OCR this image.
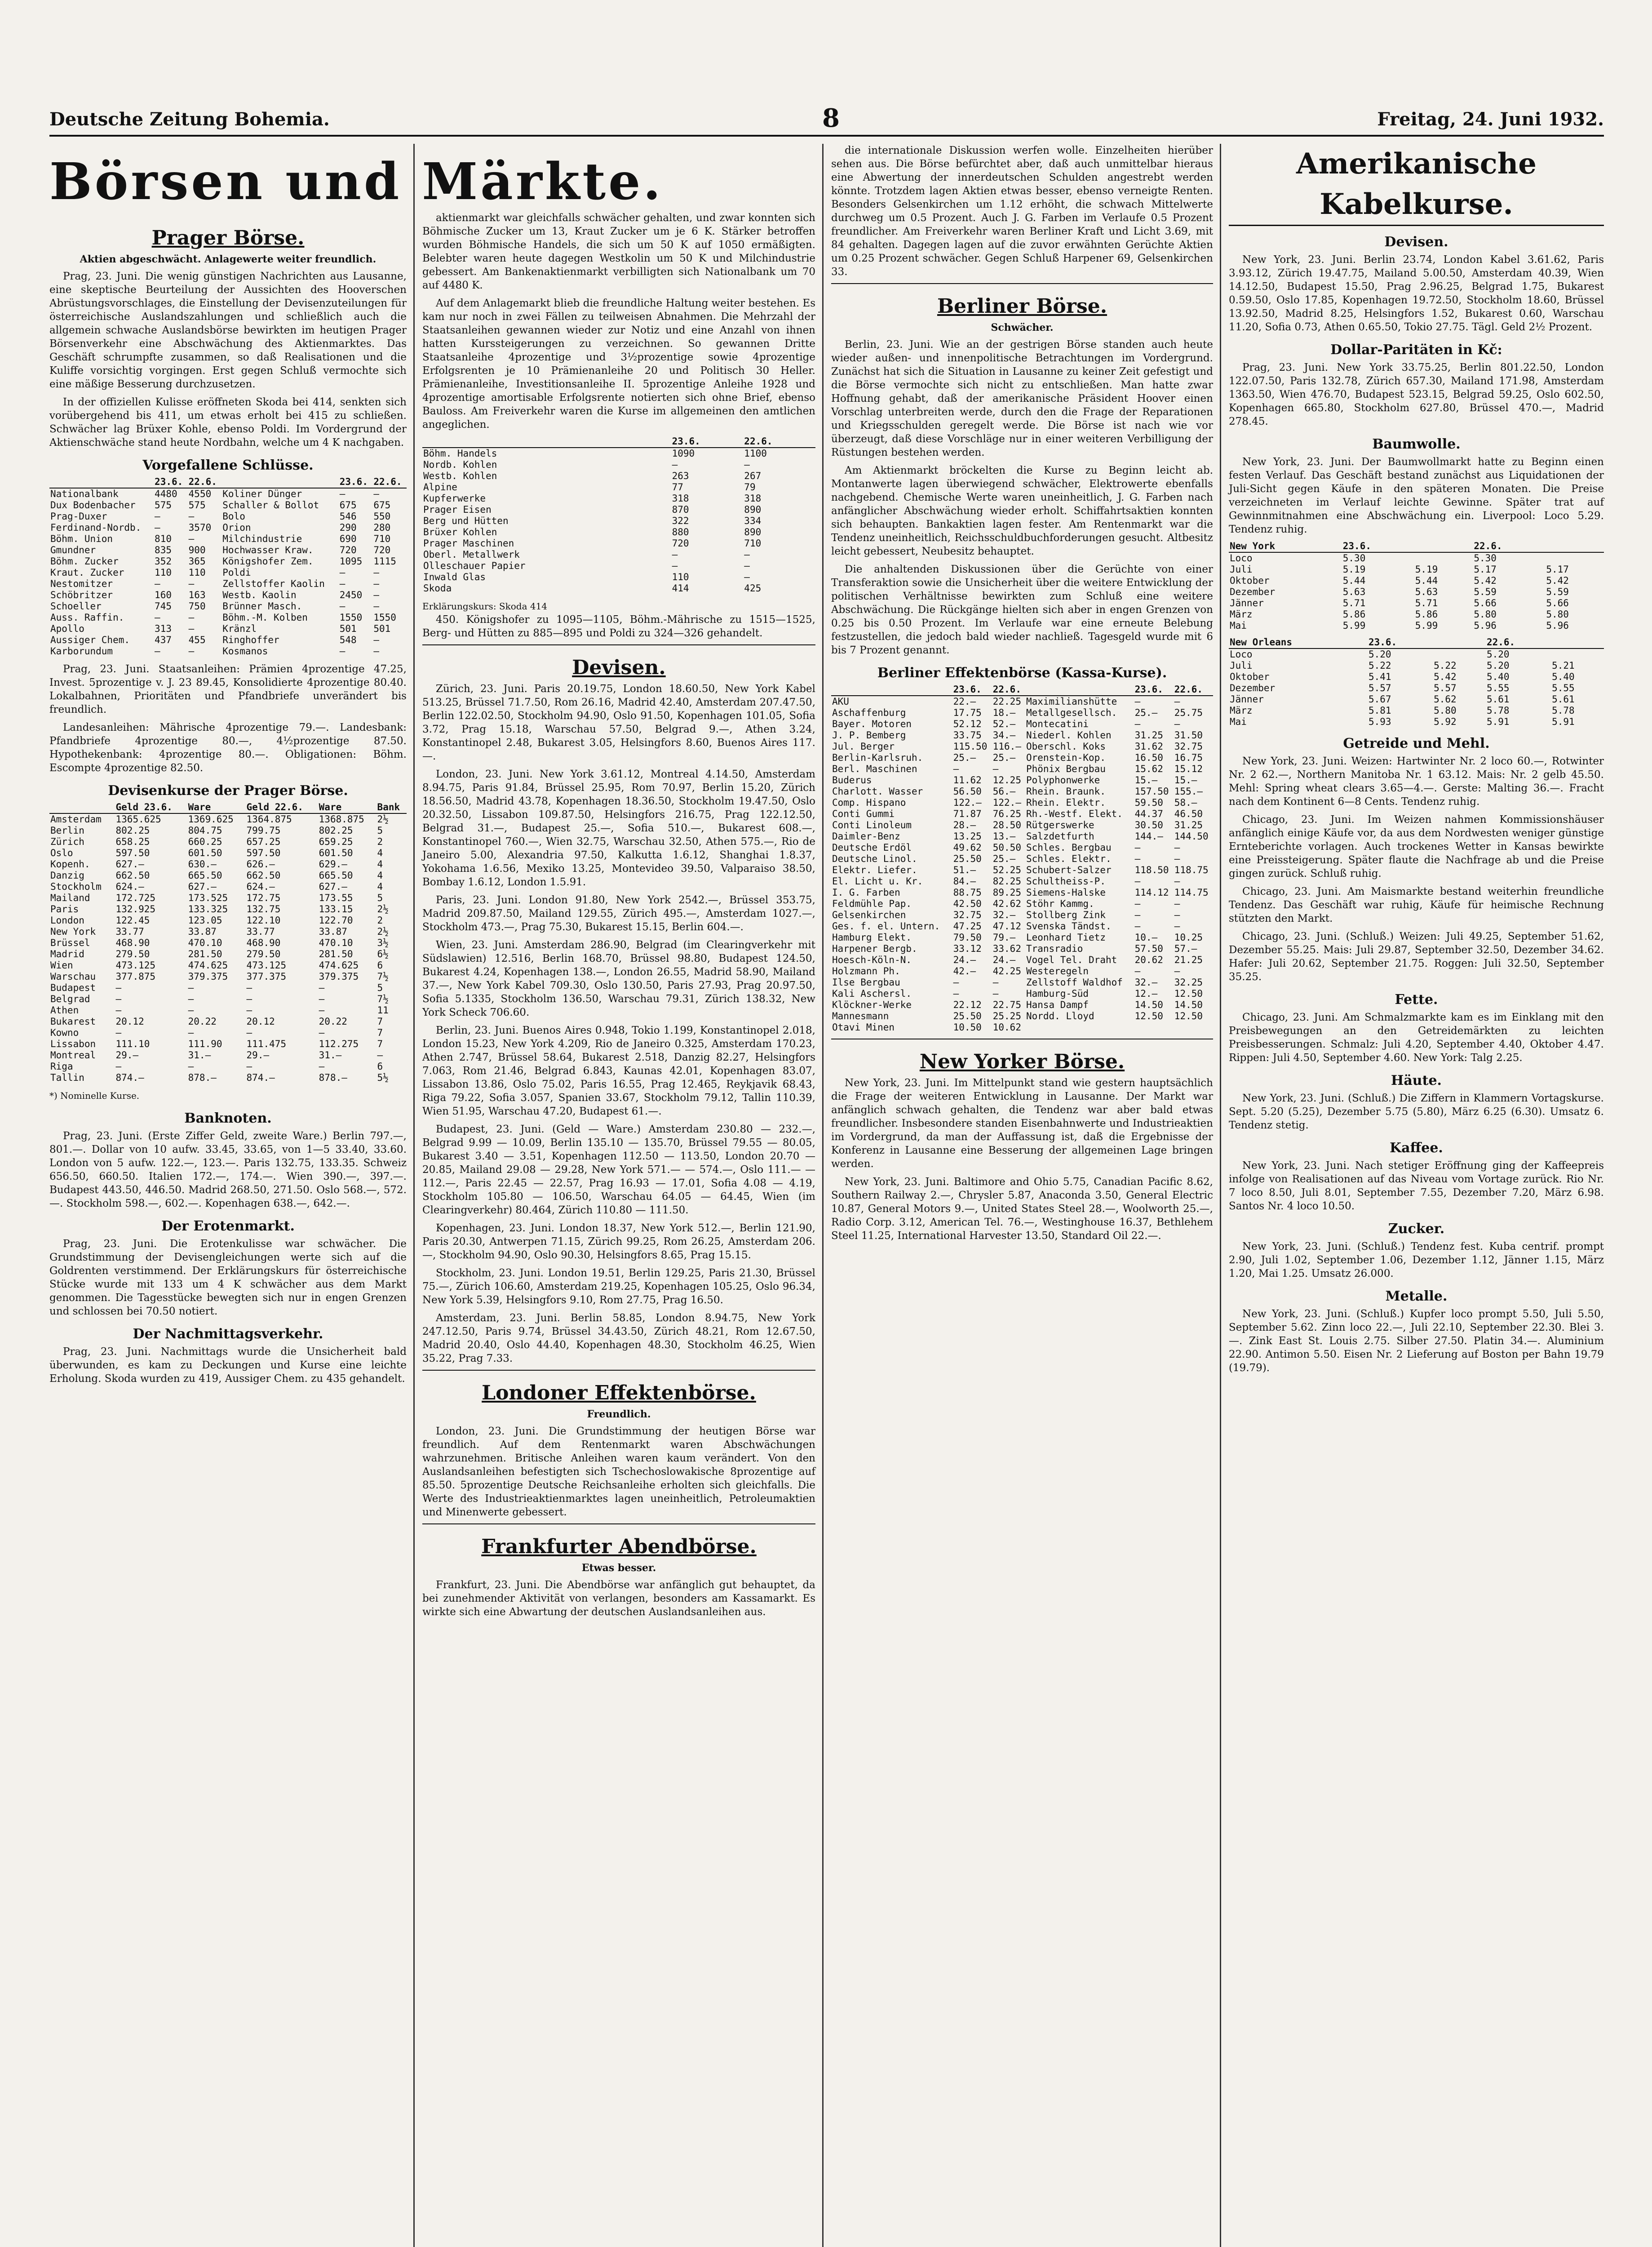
Deutsche Zeitung Bohemia.	8	Freitag, 24. Juni 1932.
Börsen und Märkte.
Prager Börse.
Aktien abgeschwächt. Anlagewerte weiter freundlich.

Prag, 23. Juni. Die wenig günstigen Nachrichten aus Lausanne, eine skeptische Beurteilung der Aussichten des Hooverschen Abrüstungsvorschlages, die Einstellung der Devisenzuteilungen für österreichische Auslandszahlungen und schließlich auch die allgemein schwache Auslandsbörse bewirkten im heutigen Prager Börsenverkehr eine Abschwächung des Aktienmarktes. Das Geschäft schrumpfte zusammen, so daß Realisationen und die Kuliffe vorsichtig vorgingen. Erst gegen Schluß vermochte sich eine mäßige Besserung durchzusetzen.

In der offiziellen Kulisse eröffneten Skoda bei 414, senkten sich vorübergehend bis 411, um etwas erholt bei 415 zu schließen. Schwächer lag Brüxer Kohle, ebenso Poldi. Im Vordergrund der Aktienschwäche stand heute Nordbahn, welche um 4 K nachgaben.

Vorgefallene Schlüsse.
	23.6.	22.6.		23.6.	22.6.
Nationalbank	4480	4550	Koliner Dünger	—	—
Dux Bodenbacher	575	575	Schaller & Bollot	675	675
Prag-Duxer	—	—	Bolo	546	550
Ferdinand-Nordb.	—	3570	Orion	290	280
Böhm. Union	810	—	Milchindustrie	690	710
Gmundner	835	900	Hochwasser Kraw.	720	720
Böhm. Zucker	352	365	Königshofer Zem.	1095	1115
Kraut. Zucker	110	110	Poldi	—	—
Nestomitzer	—	—	Zellstoffer Kaolin	—	—
Schöbritzer	160	163	Westb. Kaolin	2450	—
Schoeller	745	750	Brünner Masch.	—	—
Auss. Raffin.	—	—	Böhm.-M. Kolben	1550	1550
Apollo	313	—	Kränzl	501	501
Aussiger Chem.	437	455	Ringhoffer	548	—
Karborundum	—	—	Kosmanos	—	—

Prag, 23. Juni. Staatsanleihen: Prämien 4prozentige 47.25, Invest. 5prozentige v. J. 23 89.45, Konsolidierte 4prozentige 80.40. Lokalbahnen, Prioritäten und Pfandbriefe unverändert bis freundlich.

Landesanleihen: Mährische 4prozentige 79.—. Landesbank: Pfandbriefe 4prozentige 80.—, 4½prozentige 87.50. Hypothekenbank: 4prozentige 80.—. Obligationen: Böhm. Escompte 4prozentige 82.50.

Devisenkurse der Prager Börse.
	Geld 23.6.	Ware	Geld 22.6.	Ware	Bank
Amsterdam	1365.625	1369.625	1364.875	1368.875	2½
Berlin	802.25	804.75	799.75	802.25	5
Zürich	658.25	660.25	657.25	659.25	2
Oslo	597.50	601.50	597.50	601.50	4
Kopenh.	627.—	630.—	626.—	629.—	4
Danzig	662.50	665.50	662.50	665.50	4
Stockholm	624.—	627.—	624.—	627.—	4
Mailand	172.725	173.525	172.75	173.55	5
Paris	132.925	133.325	132.75	133.15	2½
London	122.45	123.05	122.10	122.70	2
New York	33.77	33.87	33.77	33.87	2½
Brüssel	468.90	470.10	468.90	470.10	3½
Madrid	279.50	281.50	279.50	281.50	6½
Wien	473.125	474.625	473.125	474.625	6
Warschau	377.875	379.375	377.375	379.375	7½
Budapest	—	—	—	—	5
Belgrad	—	—	—	—	7½
Athen	—	—	—	—	11
Bukarest	20.12	20.22	20.12	20.22	7
Kowno	—	—	—	—	7
Lissabon	111.10	111.90	111.475	112.275	7
Montreal	29.—	31.—	29.—	31.—	—
Riga	—	—	—	—	6
Tallin	874.—	878.—	874.—	878.—	5½
*) Nominelle Kurse.
Banknoten.

Prag, 23. Juni. (Erste Ziffer Geld, zweite Ware.) Berlin 797.—, 801.—. Dollar von 10 aufw. 33.45, 33.65, von 1—5 33.40, 33.60. London von 5 aufw. 122.—, 123.—. Paris 132.75, 133.35. Schweiz 656.50, 660.50. Italien 172.—, 174.—. Wien 390.—, 397.—. Budapest 443.50, 446.50. Madrid 268.50, 271.50. Oslo 568.—, 572.—. Stockholm 598.—, 602.—. Kopenhagen 638.—, 642.—.

Der Erotenmarkt.

Prag, 23. Juni. Die Erotenkulisse war schwächer. Die Grundstimmung der Devisengleichungen werte sich auf die Goldrenten verstimmend. Der Erklärungskurs für österreichische Stücke wurde mit 133 um 4 K schwächer aus dem Markt genommen. Die Tagesstücke bewegten sich nur in engen Grenzen und schlossen bei 70.50 notiert.

Der Nachmittagsverkehr.

Prag, 23. Juni. Nachmittags wurde die Unsicherheit bald überwunden, es kam zu Deckungen und Kurse eine leichte Erholung. Skoda wurden zu 419, Aussiger Chem. zu 435 gehandelt.

aktienmarkt war gleichfalls schwächer gehalten, und zwar konnten sich Böhmische Zucker um 13, Kraut Zucker um je 6 K. Stärker betroffen wurden Böhmische Handels, die sich um 50 K auf 1050 ermäßigten. Belebter waren heute dagegen Westkolin um 50 K und Milchindustrie gebessert. Am Bankenaktienmarkt verbilligten sich Nationalbank um 70 auf 4480 K.

Auf dem Anlagemarkt blieb die freundliche Haltung weiter bestehen. Es kam nur noch in zwei Fällen zu teilweisen Abnahmen. Die Mehrzahl der Staatsanleihen gewannen wieder zur Notiz und eine Anzahl von ihnen hatten Kurssteigerungen zu verzeichnen. So gewannen Dritte Staatsanleihe 4prozentige und 3½prozentige sowie 4prozentige Erfolgsrenten je 10 Prämienanleihe 20 und Politisch 30 Heller. Prämienanleihe, Investitionsanleihe II. 5prozentige Anleihe 1928 und 4prozentige amortisable Erfolgsrente notierten sich ohne Brief, ebenso Bauloss. Am Freiverkehr waren die Kurse im allgemeinen den amtlichen angeglichen.

	23.6.	22.6.
Böhm. Handels	1090	1100
Nordb. Kohlen	—	—
Westb. Kohlen	263	267
Alpine	77	79
Kupferwerke	318	318
Prager Eisen	870	890
Berg und Hütten	322	334
Brüxer Kohlen	880	890
Prager Maschinen	720	710
Oberl. Metallwerk	—	—
Olleschauer Papier	—	—
Inwald Glas	110	—
Skoda	414	425
Erklärungskurs: Skoda 414

450. Königshofer zu 1095—1105, Böhm.-Mährische zu 1515—1525, Berg- und Hütten zu 885—895 und Poldi zu 324—326 gehandelt.

Devisen.

Zürich, 23. Juni. Paris 20.19.75, London 18.60.50, New York Kabel 513.25, Brüssel 71.7.50, Rom 26.16, Madrid 42.40, Amsterdam 207.47.50, Berlin 122.02.50, Stockholm 94.90, Oslo 91.50, Kopenhagen 101.05, Sofia 3.72, Prag 15.18, Warschau 57.50, Belgrad 9.—, Athen 3.24, Konstantinopel 2.48, Bukarest 3.05, Helsingfors 8.60, Buenos Aires 117.—.

London, 23. Juni. New York 3.61.12, Montreal 4.14.50, Amsterdam 8.94.75, Paris 91.84, Brüssel 25.95, Rom 70.97, Berlin 15.20, Zürich 18.56.50, Madrid 43.78, Kopenhagen 18.36.50, Stockholm 19.47.50, Oslo 20.32.50, Lissabon 109.87.50, Helsingfors 216.75, Prag 122.12.50, Belgrad 31.—, Budapest 25.—, Sofia 510.—, Bukarest 608.—, Konstantinopel 760.—, Wien 32.75, Warschau 32.50, Athen 575.—, Rio de Janeiro 5.00, Alexandria 97.50, Kalkutta 1.6.12, Shanghai 1.8.37, Yokohama 1.6.56, Mexiko 13.25, Montevideo 39.50, Valparaiso 38.50, Bombay 1.6.12, London 1.5.91.

Paris, 23. Juni. London 91.80, New York 2542.—, Brüssel 353.75, Madrid 209.87.50, Mailand 129.55, Zürich 495.—, Amsterdam 1027.—, Stockholm 473.—, Prag 75.30, Bukarest 15.15, Berlin 604.—.

Wien, 23. Juni. Amsterdam 286.90, Belgrad (im Clearingverkehr mit Südslawien) 12.516, Berlin 168.70, Brüssel 98.80, Budapest 124.50, Bukarest 4.24, Kopenhagen 138.—, London 26.55, Madrid 58.90, Mailand 37.—, New York Kabel 709.30, Oslo 130.50, Paris 27.93, Prag 20.97.50, Sofia 5.1335, Stockholm 136.50, Warschau 79.31, Zürich 138.32, New York Scheck 706.60.

Berlin, 23. Juni. Buenos Aires 0.948, Tokio 1.199, Konstantinopel 2.018, London 15.23, New York 4.209, Rio de Janeiro 0.325, Amsterdam 170.23, Athen 2.747, Brüssel 58.64, Bukarest 2.518, Danzig 82.27, Helsingfors 7.063, Rom 21.46, Belgrad 6.843, Kaunas 42.01, Kopenhagen 83.07, Lissabon 13.86, Oslo 75.02, Paris 16.55, Prag 12.465, Reykjavik 68.43, Riga 79.22, Sofia 3.057, Spanien 33.67, Stockholm 79.12, Tallin 110.39, Wien 51.95, Warschau 47.20, Budapest 61.—.

Budapest, 23. Juni. (Geld — Ware.) Amsterdam 230.80 — 232.—, Belgrad 9.99 — 10.09, Berlin 135.10 — 135.70, Brüssel 79.55 — 80.05, Bukarest 3.40 — 3.51, Kopenhagen 112.50 — 113.50, London 20.70 — 20.85, Mailand 29.08 — 29.28, New York 571.— — 574.—, Oslo 111.— — 112.—, Paris 22.45 — 22.57, Prag 16.93 — 17.01, Sofia 4.08 — 4.19, Stockholm 105.80 — 106.50, Warschau 64.05 — 64.45, Wien (im Clearingverkehr) 80.464, Zürich 110.80 — 111.50.

Kopenhagen, 23. Juni. London 18.37, New York 512.—, Berlin 121.90, Paris 20.30, Antwerpen 71.15, Zürich 99.25, Rom 26.25, Amsterdam 206.—, Stockholm 94.90, Oslo 90.30, Helsingfors 8.65, Prag 15.15.

Stockholm, 23. Juni. London 19.51, Berlin 129.25, Paris 21.30, Brüssel 75.—, Zürich 106.60, Amsterdam 219.25, Kopenhagen 105.25, Oslo 96.34, New York 5.39, Helsingfors 9.10, Rom 27.75, Prag 16.50.

Amsterdam, 23. Juni. Berlin 58.85, London 8.94.75, New York 247.12.50, Paris 9.74, Brüssel 34.43.50, Zürich 48.21, Rom 12.67.50, Madrid 20.40, Oslo 44.40, Kopenhagen 48.30, Stockholm 46.25, Wien 35.22, Prag 7.33.

Londoner Effektenbörse.
Freundlich.

London, 23. Juni. Die Grundstimmung der heutigen Börse war freundlich. Auf dem Rentenmarkt waren Abschwächungen wahrzunehmen. Britische Anleihen waren kaum verändert. Von den Auslandsanleihen befestigten sich Tschechoslowakische 8prozentige auf 85.50. 5prozentige Deutsche Reichsanleihe erholten sich gleichfalls. Die Werte des Industrieaktienmarktes lagen uneinheitlich, Petroleumaktien und Minenwerte gebessert.

Frankfurter Abendbörse.
Etwas besser.

Frankfurt, 23. Juni. Die Abendbörse war anfänglich gut behauptet, da bei zunehmender Aktivität von verlangen, besonders am Kassamarkt. Es wirkte sich eine Abwartung der deutschen Auslandsanleihen aus.

die internationale Diskussion werfen wolle. Einzelheiten hierüber sehen aus. Die Börse befürchtet aber, daß auch unmittelbar hieraus eine Abwertung der innerdeutschen Schulden angestrebt werden könnte. Trotzdem lagen Aktien etwas besser, ebenso verneigte Renten. Besonders Gelsenkirchen um 1.12 erhöht, die schwach Mittelwerte durchweg um 0.5 Prozent. Auch J. G. Farben im Verlaufe 0.5 Prozent freundlicher. Am Freiverkehr waren Berliner Kraft und Licht 3.69, mit 84 gehalten. Dagegen lagen auf die zuvor erwähnten Gerüchte Aktien um 0.25 Prozent schwächer. Gegen Schluß Harpener 69, Gelsenkirchen 33.

Berliner Börse.
Schwächer.

Berlin, 23. Juni. Wie an der gestrigen Börse standen auch heute wieder außen- und innenpolitische Betrachtungen im Vordergrund. Zunächst hat sich die Situation in Lausanne zu keiner Zeit gefestigt und die Börse vermochte sich nicht zu entschließen. Man hatte zwar Hoffnung gehabt, daß der amerikanische Präsident Hoover einen Vorschlag unterbreiten werde, durch den die Frage der Reparationen und Kriegsschulden geregelt werde. Die Börse ist nach wie vor überzeugt, daß diese Vorschläge nur in einer weiteren Verbilligung der Rüstungen bestehen werden.

Am Aktienmarkt bröckelten die Kurse zu Beginn leicht ab. Montanwerte lagen überwiegend schwächer, Elektrowerte ebenfalls nachgebend. Chemische Werte waren uneinheitlich, J. G. Farben nach anfänglicher Abschwächung wieder erholt. Schiffahrtsaktien konnten sich behaupten. Bankaktien lagen fester. Am Rentenmarkt war die Tendenz uneinheitlich, Reichsschuldbuchforderungen gesucht. Altbesitz leicht gebessert, Neubesitz behauptet.

Die anhaltenden Diskussionen über die Gerüchte von einer Transferaktion sowie die Unsicherheit über die weitere Entwicklung der politischen Verhältnisse bewirkten zum Schluß eine weitere Abschwächung. Die Rückgänge hielten sich aber in engen Grenzen von 0.25 bis 0.50 Prozent. Im Verlaufe war eine erneute Belebung festzustellen, die jedoch bald wieder nachließ. Tagesgeld wurde mit 6 bis 7 Prozent genannt.

Berliner Effektenbörse (Kassa-Kurse).
	23.6.	22.6.		23.6.	22.6.
AKU	22.—	22.25	Maximilianshütte	—	—
Aschaffenburg	17.75	18.—	Metallgesellsch.	25.—	25.75
Bayer. Motoren	52.12	52.—	Montecatini	—	—
J. P. Bemberg	33.75	34.—	Niederl. Kohlen	31.25	31.50
Jul. Berger	115.50	116.—	Oberschl. Koks	31.62	32.75
Berlin-Karlsruh.	25.—	25.—	Orenstein-Kop.	16.50	16.75
Berl. Maschinen	—	—	Phönix Bergbau	15.62	15.12
Buderus	11.62	12.25	Polyphonwerke	15.—	15.—
Charlott. Wasser	56.50	56.—	Rhein. Braunk.	157.50	155.—
Comp. Hispano	122.—	122.—	Rhein. Elektr.	59.50	58.—
Conti Gummi	71.87	76.25	Rh.-Westf. Elekt.	44.37	46.50
Conti Linoleum	28.—	28.50	Rütgerswerke	30.50	31.25
Daimler-Benz	13.25	13.—	Salzdetfurth	144.—	144.50
Deutsche Erdöl	49.62	50.50	Schles. Bergbau	—	—
Deutsche Linol.	25.50	25.—	Schles. Elektr.	—	—
Elektr. Liefer.	51.—	52.25	Schubert-Salzer	118.50	118.75
El. Licht u. Kr.	84.—	82.25	Schultheiss-P.	—	—
I. G. Farben	88.75	89.25	Siemens-Halske	114.12	114.75
Feldmühle Pap.	42.50	42.62	Stöhr Kammg.	—	—
Gelsenkirchen	32.75	32.—	Stollberg Zink	—	—
Ges. f. el. Untern.	47.25	47.12	Svenska Tändst.	—	—
Hamburg Elekt.	79.50	79.—	Leonhard Tietz	10.—	10.25
Harpener Bergb.	33.12	33.62	Transradio	57.50	57.—
Hoesch-Köln-N.	24.—	24.—	Vogel Tel. Draht	20.62	21.25
Holzmann Ph.	42.—	42.25	Westeregeln	—	—
Ilse Bergbau	—	—	Zellstoff Waldhof	32.—	32.25
Kali Aschersl.	—	—	Hamburg-Süd	12.—	12.50
Klöckner-Werke	22.12	22.75	Hansa Dampf	14.50	14.50
Mannesmann	25.50	25.25	Nordd. Lloyd	12.50	12.50
Otavi Minen	10.50	10.62			
New Yorker Börse.

New York, 23. Juni. Im Mittelpunkt stand wie gestern hauptsächlich die Frage der weiteren Entwicklung in Lausanne. Der Markt war anfänglich schwach gehalten, die Tendenz war aber bald etwas freundlicher. Insbesondere standen Eisenbahnwerte und Industrieaktien im Vordergrund, da man der Auffassung ist, daß die Ergebnisse der Konferenz in Lausanne eine Besserung der allgemeinen Lage bringen werden.

New York, 23. Juni. Baltimore and Ohio 5.75, Canadian Pacific 8.62, Southern Railway 2.—, Chrysler 5.87, Anaconda 3.50, General Electric 10.87, General Motors 9.—, United States Steel 28.—, Woolworth 25.—, Radio Corp. 3.12, American Tel. 76.—, Westinghouse 16.37, Bethlehem Steel 11.25, International Harvester 13.50, Standard Oil 22.—.

Amerikanische Kabelkurse.
Devisen.

New York, 23. Juni. Berlin 23.74, London Kabel 3.61.62, Paris 3.93.12, Zürich 19.47.75, Mailand 5.00.50, Amsterdam 40.39, Wien 14.12.50, Budapest 15.50, Prag 2.96.25, Belgrad 1.75, Bukarest 0.59.50, Oslo 17.85, Kopenhagen 19.72.50, Stockholm 18.60, Brüssel 13.92.50, Madrid 8.25, Helsingfors 1.52, Bukarest 0.60, Warschau 11.20, Sofia 0.73, Athen 0.65.50, Tokio 27.75. Tägl. Geld 2½ Prozent.

Dollar-Paritäten in Kč:

Prag, 23. Juni. New York 33.75.25, Berlin 801.22.50, London 122.07.50, Paris 132.78, Zürich 657.30, Mailand 171.98, Amsterdam 1363.50, Wien 476.70, Budapest 523.15, Belgrad 59.25, Oslo 602.50, Kopenhagen 665.80, Stockholm 627.80, Brüssel 470.—, Madrid 278.45.

Baumwolle.

New York, 23. Juni. Der Baumwollmarkt hatte zu Beginn einen festen Verlauf. Das Geschäft bestand zunächst aus Liquidationen der Juli-Sicht gegen Käufe in den späteren Monaten. Die Preise verzeichneten im Verlauf leichte Gewinne. Später trat auf Gewinnmitnahmen eine Abschwächung ein. Liverpool: Loco 5.29. Tendenz ruhig.

New York	23.6.		22.6.	
Loco	5.30		5.30	
Juli	5.19	5.19	5.17	5.17
Oktober	5.44	5.44	5.42	5.42
Dezember	5.63	5.63	5.59	5.59
Jänner	5.71	5.71	5.66	5.66
März	5.86	5.86	5.80	5.80
Mai	5.99	5.99	5.96	5.96
New Orleans	23.6.		22.6.	
Loco	5.20		5.20	
Juli	5.22	5.22	5.20	5.21
Oktober	5.41	5.42	5.40	5.40
Dezember	5.57	5.57	5.55	5.55
Jänner	5.67	5.62	5.61	5.61
März	5.81	5.80	5.78	5.78
Mai	5.93	5.92	5.91	5.91
Getreide und Mehl.

New York, 23. Juni. Weizen: Hartwinter Nr. 2 loco 60.—, Rotwinter Nr. 2 62.—, Northern Manitoba Nr. 1 63.12. Mais: Nr. 2 gelb 45.50. Mehl: Spring wheat clears 3.65—4.—. Gerste: Malting 36.—. Fracht nach dem Kontinent 6—8 Cents. Tendenz ruhig.

Chicago, 23. Juni. Im Weizen nahmen Kommissionshäuser anfänglich einige Käufe vor, da aus dem Nordwesten weniger günstige Ernteberichte vorlagen. Auch trockenes Wetter in Kansas bewirkte eine Preissteigerung. Später flaute die Nachfrage ab und die Preise gingen zurück. Schluß ruhig.

Chicago, 23. Juni. Am Maismarkte bestand weiterhin freundliche Tendenz. Das Geschäft war ruhig, Käufe für heimische Rechnung stützten den Markt.

Chicago, 23. Juni. (Schluß.) Weizen: Juli 49.25, September 51.62, Dezember 55.25. Mais: Juli 29.87, September 32.50, Dezember 34.62. Hafer: Juli 20.62, September 21.75. Roggen: Juli 32.50, September 35.25.

Fette.

Chicago, 23. Juni. Am Schmalzmarkte kam es im Einklang mit den Preisbewegungen an den Getreidemärkten zu leichten Preisbesserungen. Schmalz: Juli 4.20, September 4.40, Oktober 4.47. Rippen: Juli 4.50, September 4.60. New York: Talg 2.25.

Häute.

New York, 23. Juni. (Schluß.) Die Ziffern in Klammern Vortagskurse. Sept. 5.20 (5.25), Dezember 5.75 (5.80), März 6.25 (6.30). Umsatz 6. Tendenz stetig.

Kaffee.

New York, 23. Juni. Nach stetiger Eröffnung ging der Kaffeepreis infolge von Realisationen auf das Niveau vom Vortage zurück. Rio Nr. 7 loco 8.50, Juli 8.01, September 7.55, Dezember 7.20, März 6.98. Santos Nr. 4 loco 10.50.

Zucker.

New York, 23. Juni. (Schluß.) Tendenz fest. Kuba centrif. prompt 2.90, Juli 1.02, September 1.06, Dezember 1.12, Jänner 1.15, März 1.20, Mai 1.25. Umsatz 26.000.

Metalle.

New York, 23. Juni. (Schluß.) Kupfer loco prompt 5.50, Juli 5.50, September 5.62. Zinn loco 22.—, Juli 22.10, September 22.30. Blei 3.—. Zink East St. Louis 2.75. Silber 27.50. Platin 34.—. Aluminium 22.90. Antimon 5.50. Eisen Nr. 2 Lieferung auf Boston per Bahn 19.79 (19.79).
